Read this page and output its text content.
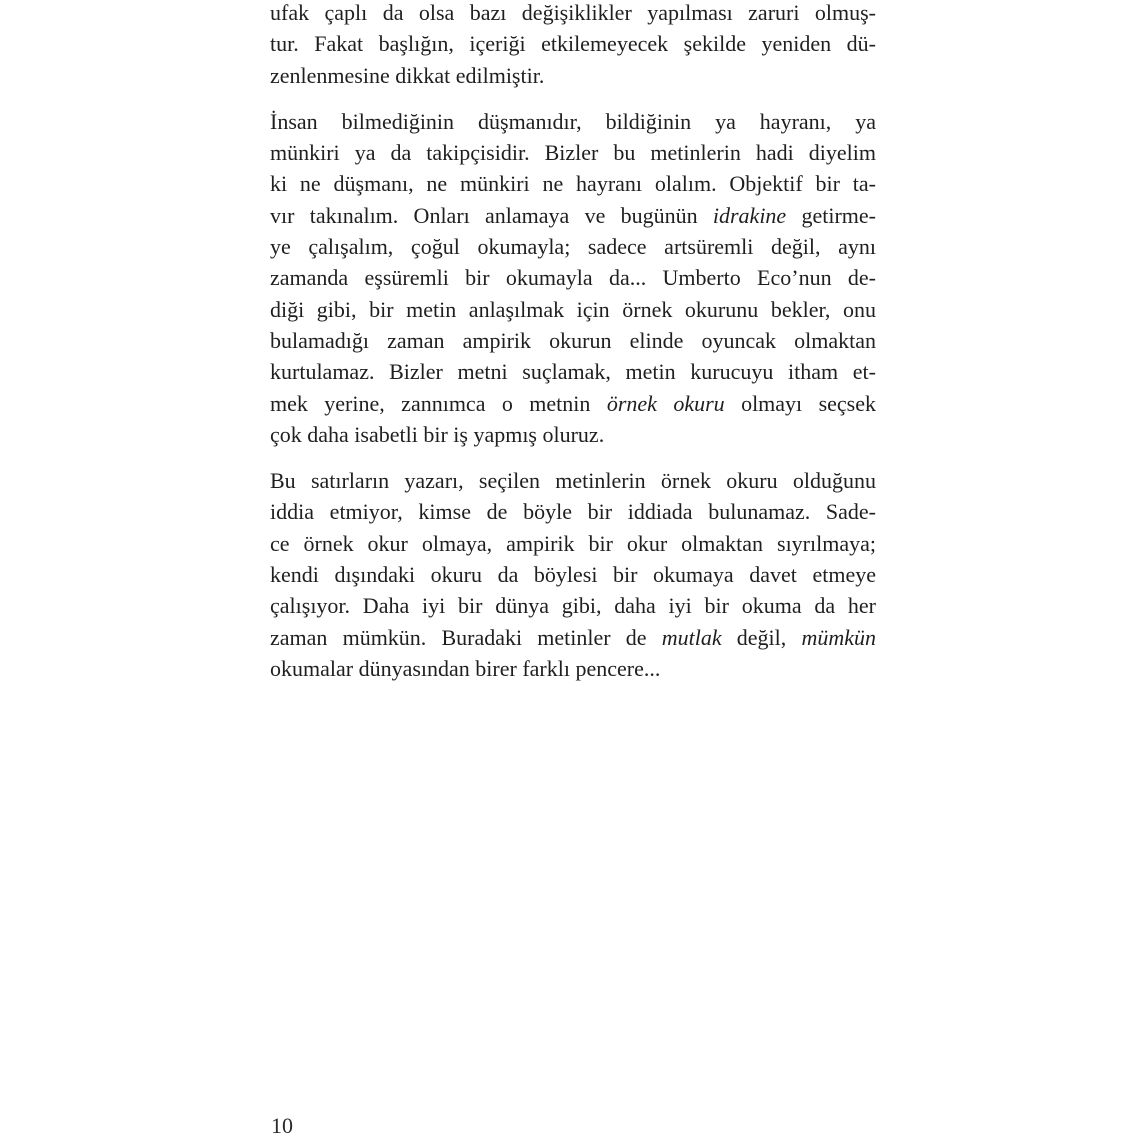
ufak çaplı da olsa bazı değişiklikler yapılması zaruri olmuş-
tur. Fakat başlığın, içeriği etkilemeyecek şekilde yeniden dü-
zenlenmesine dikkat edilmiştir.
İnsan bilmediğinin düşmanıdır, bildiğinin ya hayranı, ya
münkiri ya da takipçisidir. Bizler bu metinlerin hadi diyelim
ki ne düşmanı, ne münkiri ne hayranı olalım. Objektif bir ta-
vır takınalım. Onları anlamaya ve bugünün idrakine getirme-
ye çalışalım, çoğul okumayla; sadece artsüremli değil, aynı
zamanda eşsüremli bir okumayla da... Umberto Eco’nun de-
diği gibi, bir metin anlaşılmak için örnek okurunu bekler, onu
bulamadığı zaman ampirik okurun elinde oyuncak olmaktan
kurtulamaz. Bizler metni suçlamak, metin kurucuyu itham et-
mek yerine, zannımca o metnin örnek okuru olmayı seçsek
çok daha isabetli bir iş yapmış oluruz.
Bu satırların yazarı, seçilen metinlerin örnek okuru olduğunu
iddia etmiyor, kimse de böyle bir iddiada bulunamaz. Sade-
ce örnek okur olmaya, ampirik bir okur olmaktan sıyrılmaya;
kendi dışındaki okuru da böylesi bir okumaya davet etmeye
çalışıyor. Daha iyi bir dünya gibi, daha iyi bir okuma da her
zaman mümkün. Buradaki metinler de mutlak değil, mümkün
okumalar dünyasından birer farklı pencere...
10
